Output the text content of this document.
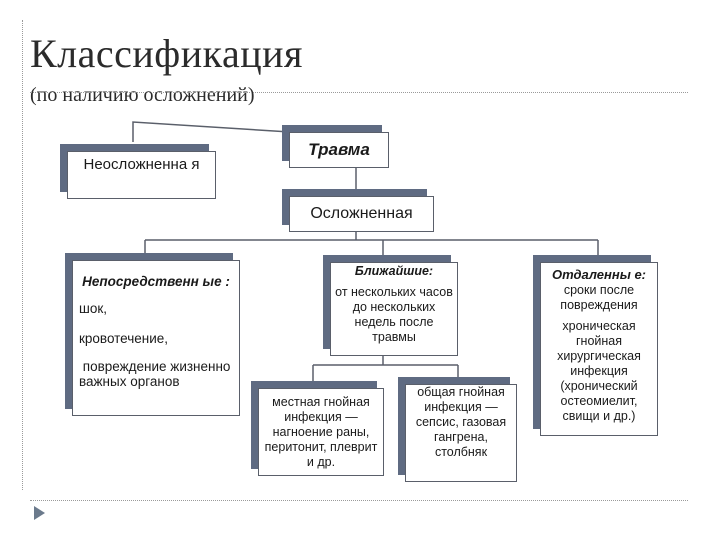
Классификация
(по наличию осложнений)
Травма
Неосложненна я
Осложненная
Непосредственн ые :
шок,
кровотечение,
повреждение жизненно важных органов
Ближайшие:
от нескольких часов до нескольких недель после травмы
Отдаленны е:
сроки после повреждения
хроническая гнойная хирургическая инфекция (хронический остеомиелит, свищи и др.)
местная гнойная инфекция — нагноение раны, перитонит, плеврит и др.
общая гнойная инфекция — сепсис, газовая гангрена, столбняк
